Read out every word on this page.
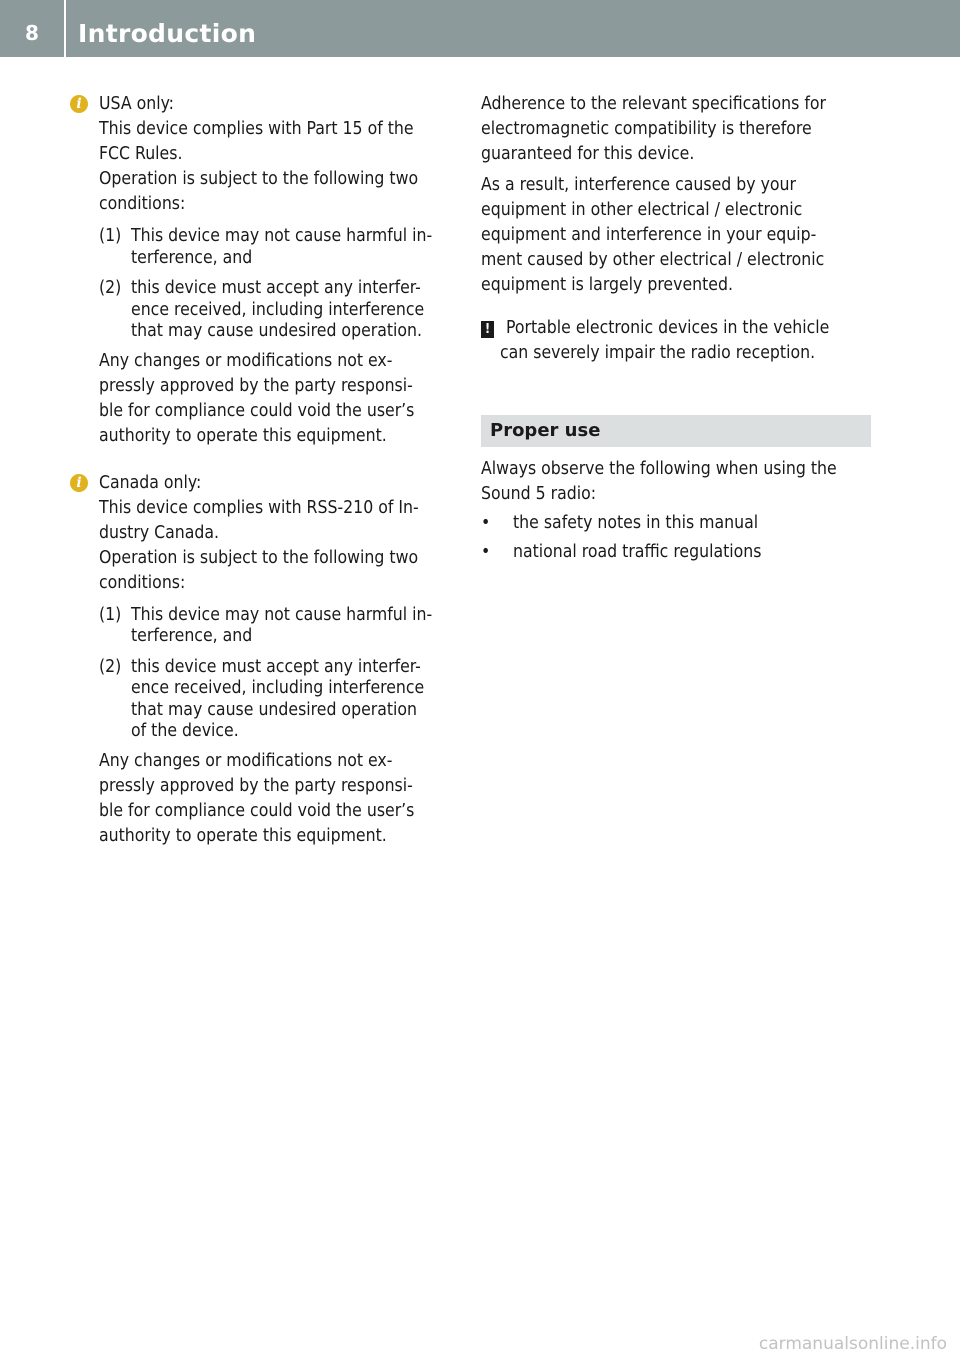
8	Introduction
i USA only:

This device complies with Part 15 of the

FCC Rules.

Operation is subject to the following two

conditions:

(1) This device may not cause harmful in-
terference, and
(2) this device must accept any interfer-
ence received, including interference
that may cause undesired operation.

Any changes or modifications not ex-
pressly approved by the party responsi-
ble for compliance could void the user’s
authority to operate this equipment.

i Canada only:

This device complies with RSS-210 of In-

dustry Canada.

Operation is subject to the following two

conditions:

(1) This device may not cause harmful in-
terference, and
(2) this device must accept any interfer-
ence received, including interference
that may cause undesired operation
of the device.

Any changes or modifications not ex-
pressly approved by the party responsi-
ble for compliance could void the user’s
authority to operate this equipment.

Adherence to the relevant specifications for
electromagnetic compatibility is therefore
guaranteed for this device.

As a result, interference caused by your
equipment in other electrical / electronic
equipment and interference in your equip-
ment caused by other electrical / electronic
equipment is largely prevented.

! Portable electronic devices in the vehicle

can severely impair the radio reception.

Proper use

Always observe the following when using the
Sound 5 radio:

• the safety notes in this manual
• national road traffic regulations
carmanualsonline.info
